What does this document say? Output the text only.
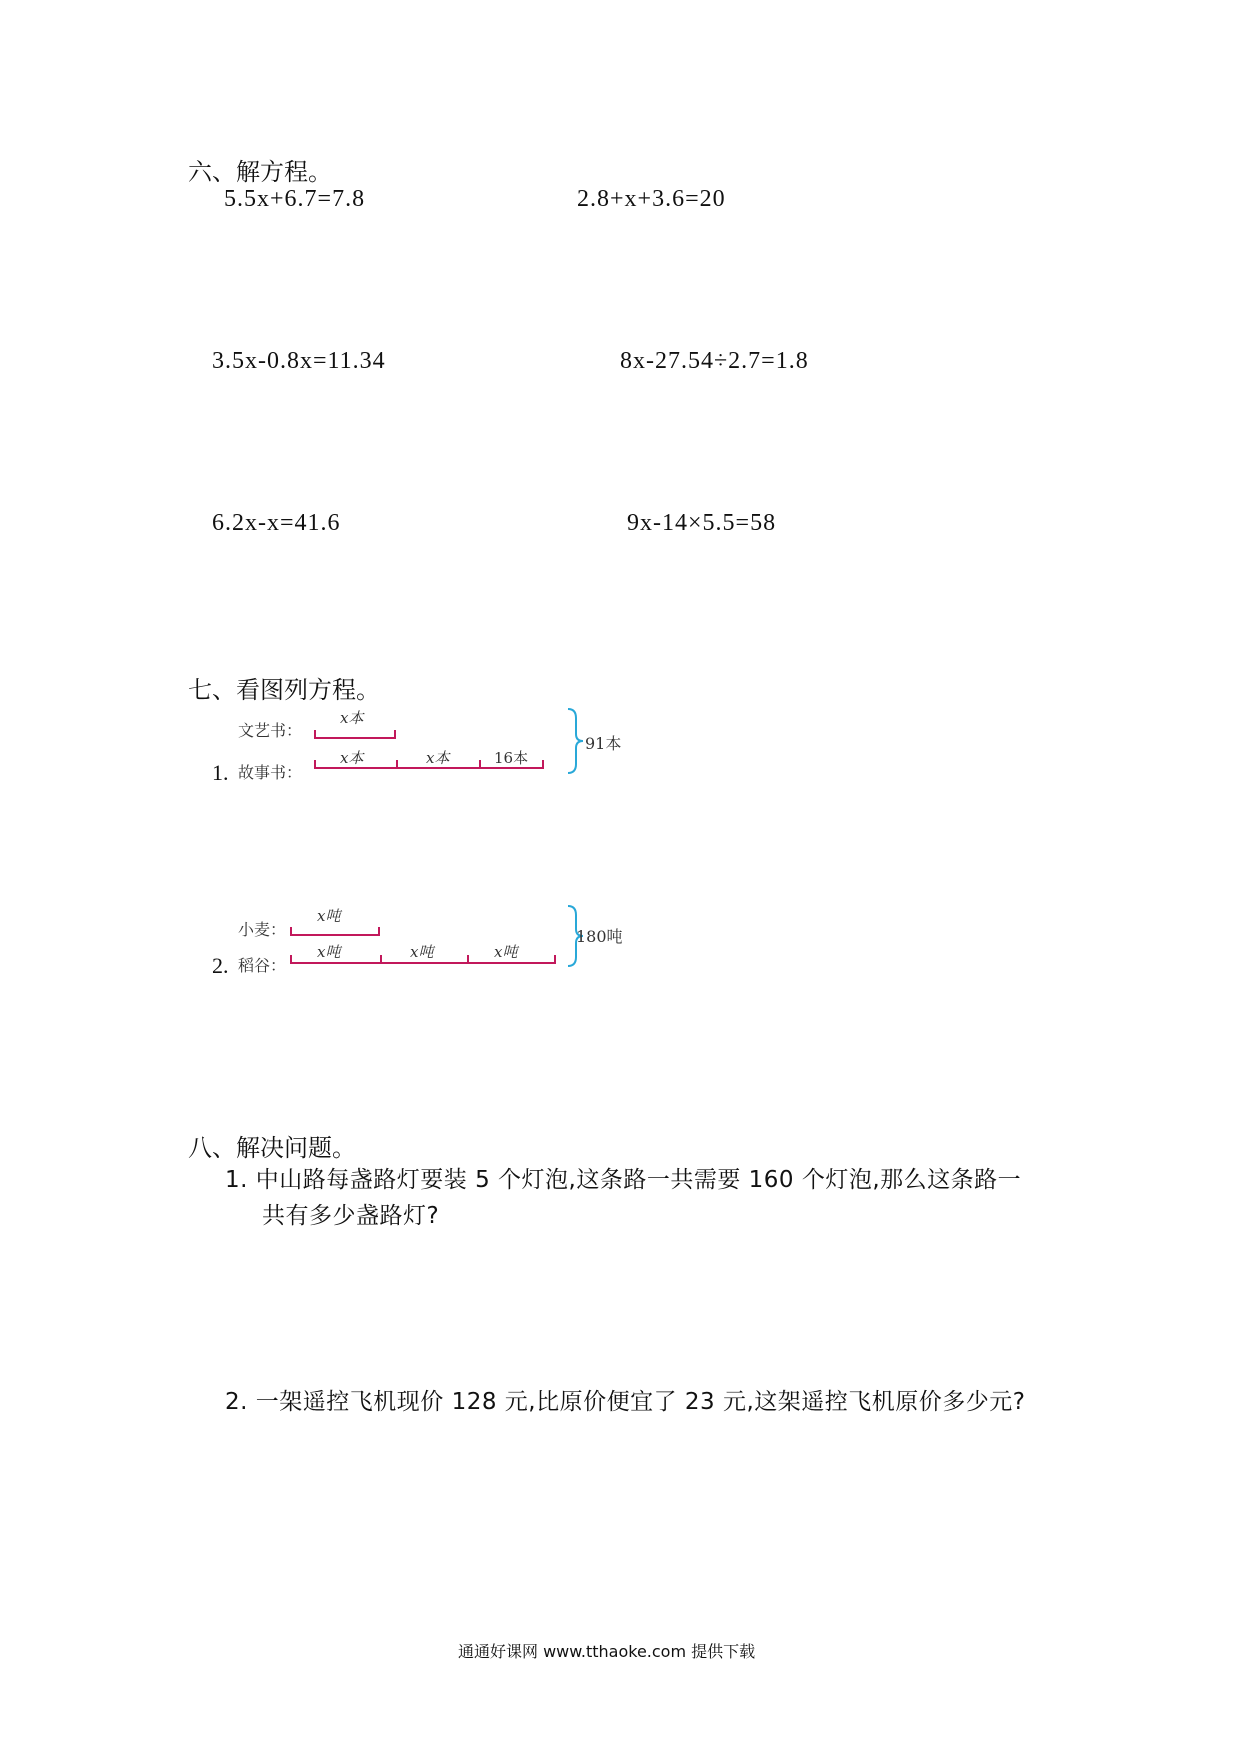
六、解方程。
5.5x+6.7=7.8	2.8+x+3.6=20
3.5x-0.8x=11.34	8x-27.54÷2.7=1.8
6.2x-x=41.6	9x-14×5.5=58
七、看图列方程。
文艺书：
x本
1. 故事书：
x本	x本	16本
91本
小麦：
x吨
2. 稻谷：
x吨	x吨	x吨
180吨
八、解决问题。
1. 中山路每盏路灯要装 5 个灯泡,这条路一共需要 160 个灯泡,那么这条路一
共有多少盏路灯?
2. 一架遥控飞机现价 128 元,比原价便宜了 23 元,这架遥控飞机原价多少元?
通通好课网 www.tthaoke.com 提供下载
